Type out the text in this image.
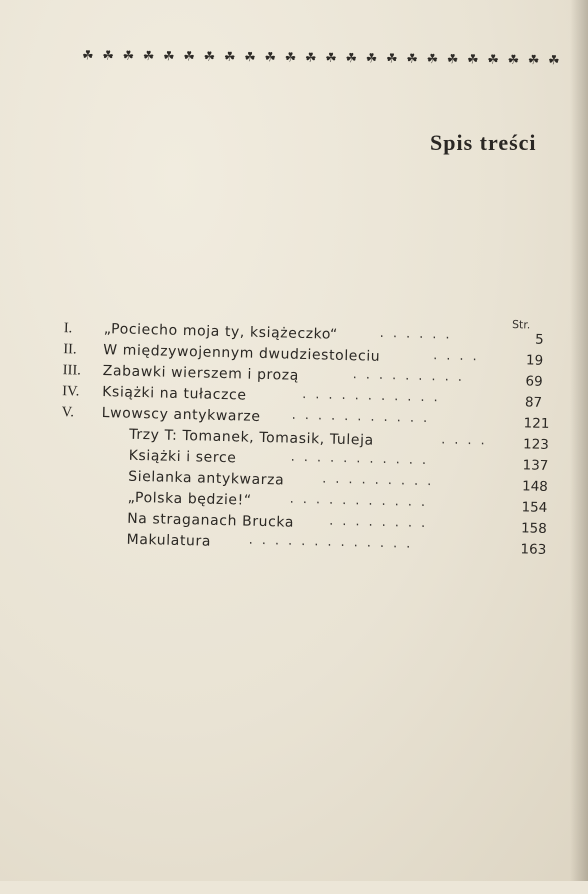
☘ ☘ ☘ ☘ ☘ ☘ ☘ ☘ ☘ ☘ ☘ ☘ ☘ ☘ ☘ ☘ ☘ ☘ ☘ ☘ ☘ ☘ ☘ ☘
Spis treści
Str.
I. „Pociecho moja ty, książeczko“	......	5
II. W międzywojennym dwudziestoleciu	....	19
III. Zabawki wierszem i prozą	.........	69
IV. Książki na tułaczce	...........	87
V. Lwowscy antykwarze ...........	121
Trzy T: Tomanek, Tomasik, Tuleja	.... 123
Książki i serce	...........	137
Sielanka antykwarza	.........	148
„Polska będzie!“	...........	154
Na straganach Brucka	........	158
Makulatura	.............	163
